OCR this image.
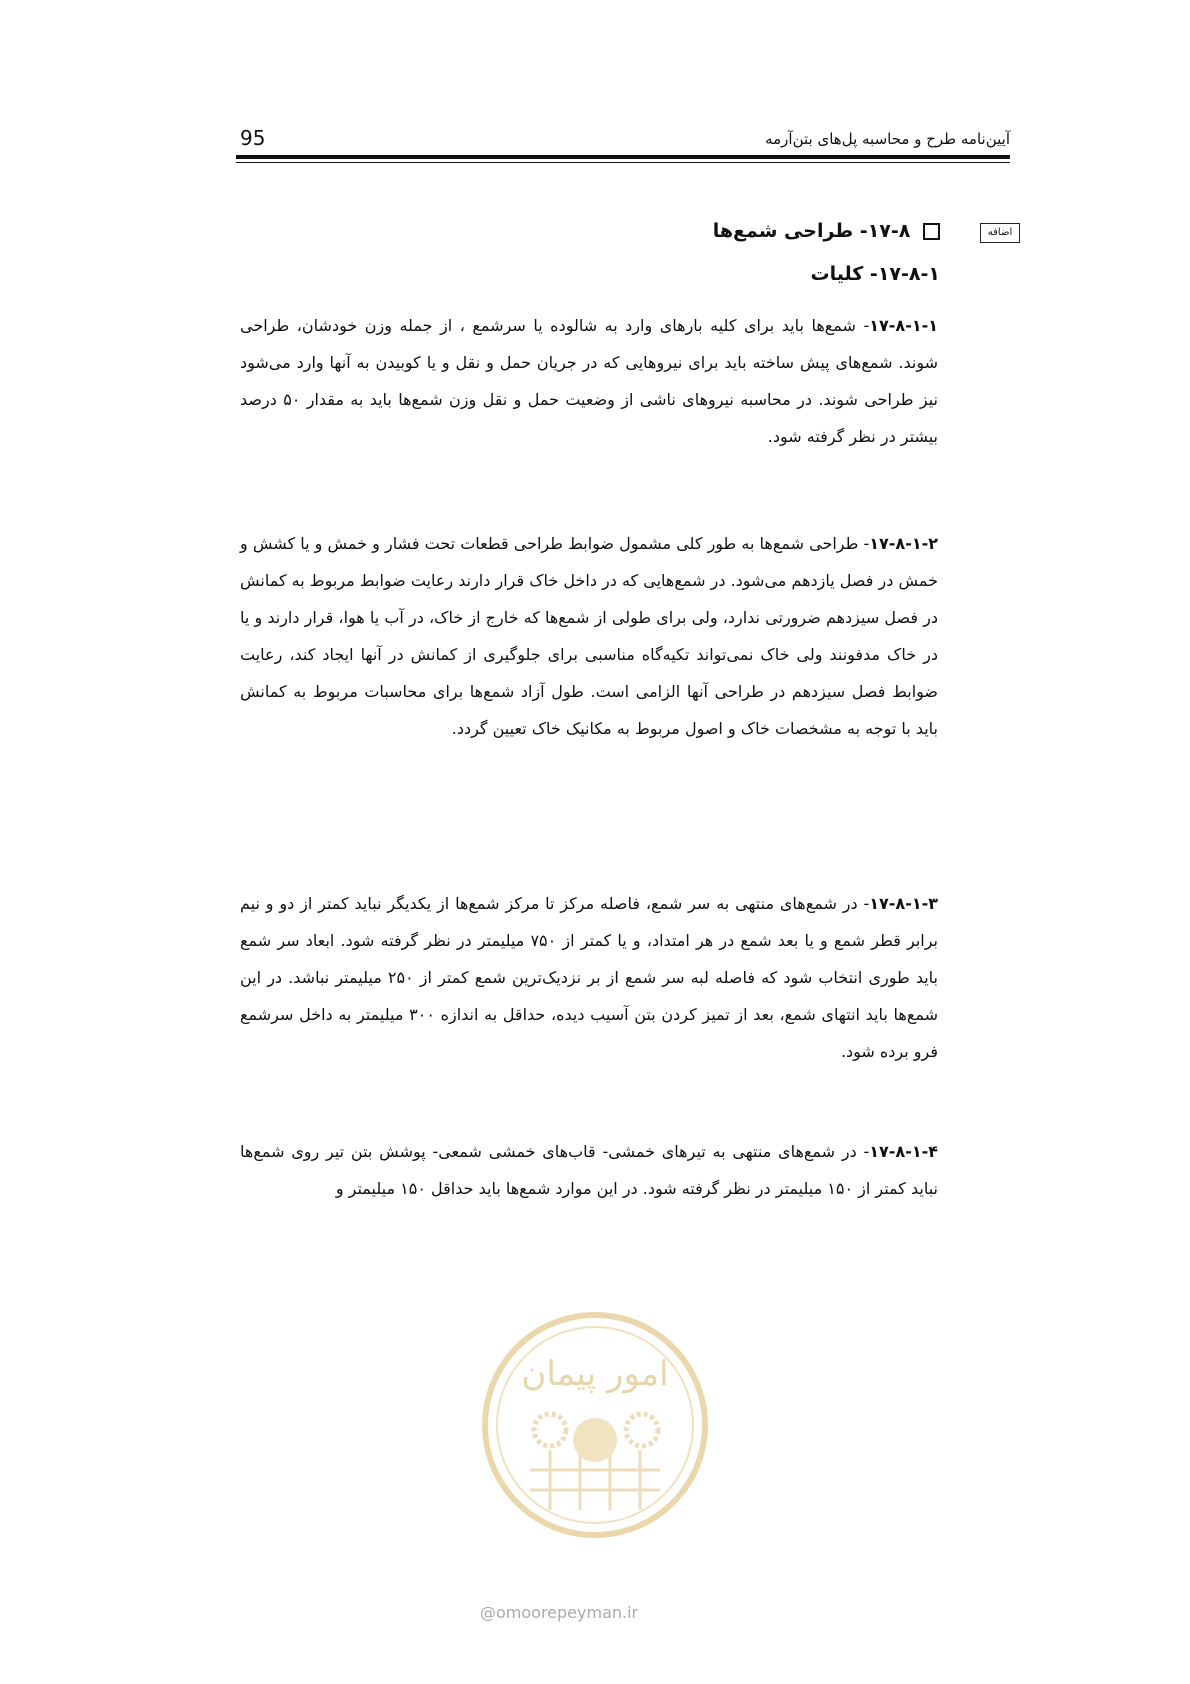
95	آیین‌نامه طرح و محاسبه پل‌های بتن‌آرمه
اضافه
۱۷-۸- طراحی شمع‌ها
۱۷-۸-۱- کلیات
۱۷-۸-۱-۱- شمع‌ها باید برای کلیه بارهای وارد به شالوده یا سرشمع ، از جمله وزن خودشان، طراحی شوند. شمع‌های پیش ساخته باید برای نیروهایی که در جریان حمل و نقل و یا کوبیدن به آنها وارد می‌شود نیز طراحی شوند. در محاسبه نیروهای ناشی از وضعیت حمل و نقل وزن شمع‌ها باید به مقدار ۵۰ درصد بیشتر در نظر گرفته شود.
۱۷-۸-۱-۲- طراحی شمع‌ها به طور کلی مشمول ضوابط طراحی قطعات تحت فشار و خمش و یا کشش و خمش در فصل یازدهم می‌شود. در شمع‌هایی که در داخل خاک قرار دارند رعایت ضوابط مربوط به کمانش در فصل سیزدهم ضرورتی ندارد، ولی برای طولی از شمع‌ها که خارج از خاک، در آب یا هوا، قرار دارند و یا در خاک مدفونند ولی خاک نمی‌تواند تکیه‌گاه مناسبی برای جلوگیری از کمانش در آنها ایجاد کند، رعایت ضوابط فصل سیزدهم در طراحی آنها الزامی است. طول آزاد شمع‌ها برای محاسبات مربوط به کمانش باید با توجه به مشخصات خاک و اصول مربوط به مکانیک خاک تعیین گردد.
۱۷-۸-۱-۳- در شمع‌های منتهی به سر شمع، فاصله مرکز تا مرکز شمع‌ها از یکدیگر نباید کمتر از دو و نیم برابر قطر شمع و یا بعد شمع در هر امتداد، و یا کمتر از ۷۵۰ میلیمتر در نظر گرفته شود. ابعاد سر شمع باید طوری انتخاب شود که فاصله لبه سر شمع از بر نزدیک‌ترین شمع کمتر از ۲۵۰ میلیمتر نباشد. در این شمع‌ها باید انتهای شمع، بعد از تمیز کردن بتن آسیب دیده، حداقل به اندازه ۳۰۰ میلیمتر به داخل سرشمع فرو برده شود.
۱۷-۸-۱-۴- در شمع‌های منتهی به تیرهای خمشی- قاب‌های خمشی شمعی- پوشش بتن تیر روی شمع‌ها نباید کمتر از ۱۵۰ میلیمتر در نظر گرفته شود. در این موارد شمع‌ها باید حداقل ۱۵۰ میلیمتر و
امور پیمان
@omoorepeyman.ir
